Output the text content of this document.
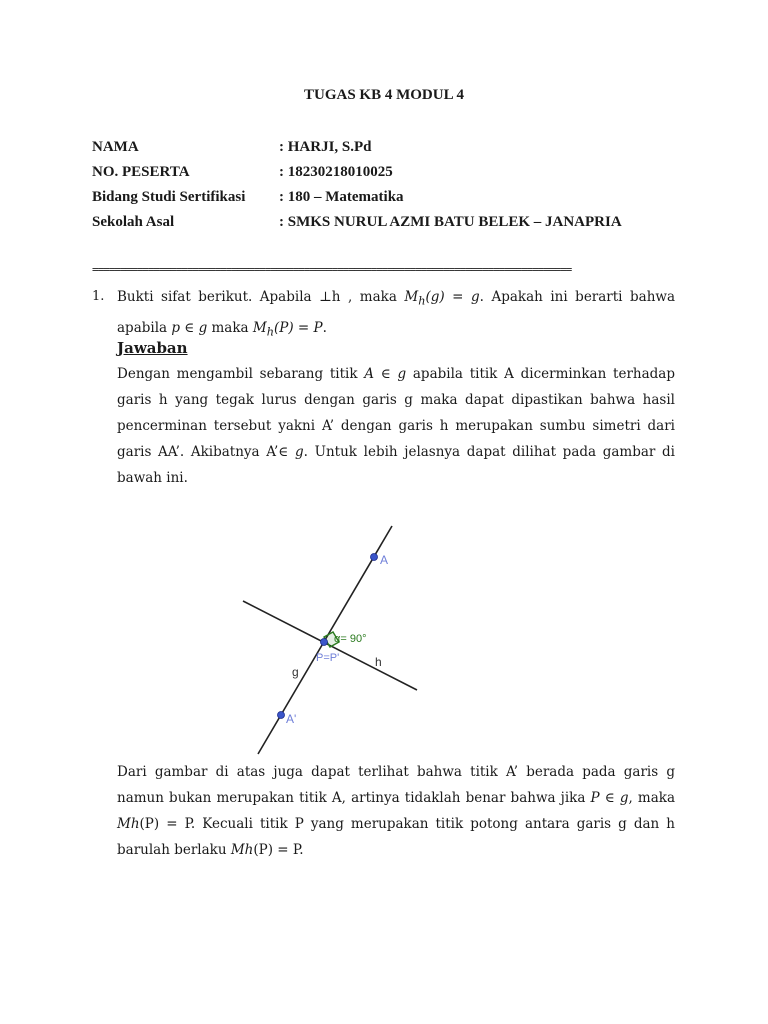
TUGAS KB 4 MODUL 4
NAMA	: HARJI, S.Pd
NO. PESERTA	: 18230218010025
Bidang Studi Sertifikasi : 180 – Matematika
Sekolah Asal	: SMKS NURUL AZMI BATU BELEK – JANAPRIA
======================================================================================
1. Bukti sifat berikut. Apabila ⊥h , maka $M_h(g) = g$. Apakah ini berarti bahwa apabila p ∈ g maka $M_h(P) = P$.
Jawaban
Dengan mengambil sebarang titik A ∈ g apabila titik A dicerminkan terhadap garis h yang tegak lurus dengan garis g maka dapat dipastikan bahwa hasil pencerminan tersebut yakni A’ dengan garis h merupakan sumbu simetri dari garis AA’. Akibatnya A’∈ g. Untuk lebih jelasnya dapat dilihat pada gambar di bawah ini.
A
A'
P=P'
α= 90°
g
h
Dari gambar di atas juga dapat terlihat bahwa titik A’ berada pada garis g namun bukan merupakan titik A, artinya tidaklah benar bahwa jika P ∈ g, maka Mh(P) = P. Kecuali titik P yang merupakan titik potong antara garis g dan h barulah berlaku Mh(P) = P.
